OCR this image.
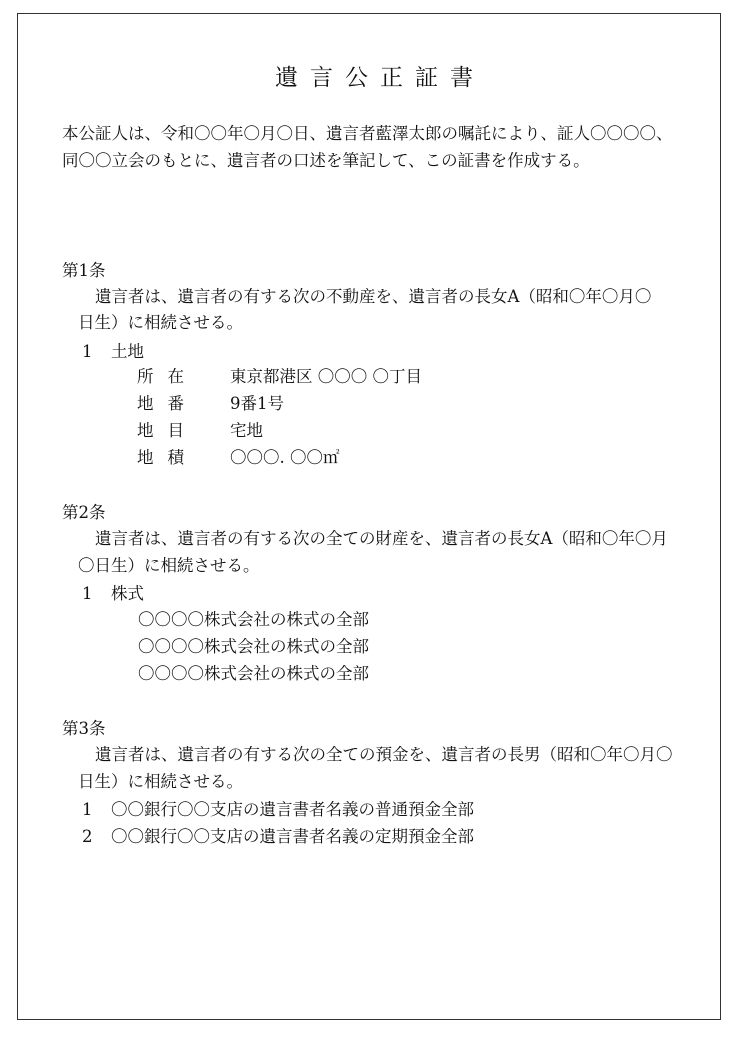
遺言公正証書
本公証人は、令和〇〇年〇月〇日、遺言者藍澤太郎の嘱託により、証人〇〇〇〇、
同〇〇立会のもとに、遺言者の口述を筆記して、この証書を作成する。
第1条
遺言者は、遺言者の有する次の不動産を、遺言者の長女A（昭和〇年〇月〇
日生）に相続させる。
1 土地
所在 東京都港区 〇〇〇 〇丁目
地番 9番1号
地目 宅地
地積 〇〇〇. 〇〇㎡
第2条
遺言者は、遺言者の有する次の全ての財産を、遺言者の長女A（昭和〇年〇月
〇日生）に相続させる。
1 株式
〇〇〇〇株式会社の株式の全部
〇〇〇〇株式会社の株式の全部
〇〇〇〇株式会社の株式の全部
第3条
遺言者は、遺言者の有する次の全ての預金を、遺言者の長男（昭和〇年〇月〇
日生）に相続させる。
1 〇〇銀行〇〇支店の遺言書者名義の普通預金全部
2 〇〇銀行〇〇支店の遺言書者名義の定期預金全部
